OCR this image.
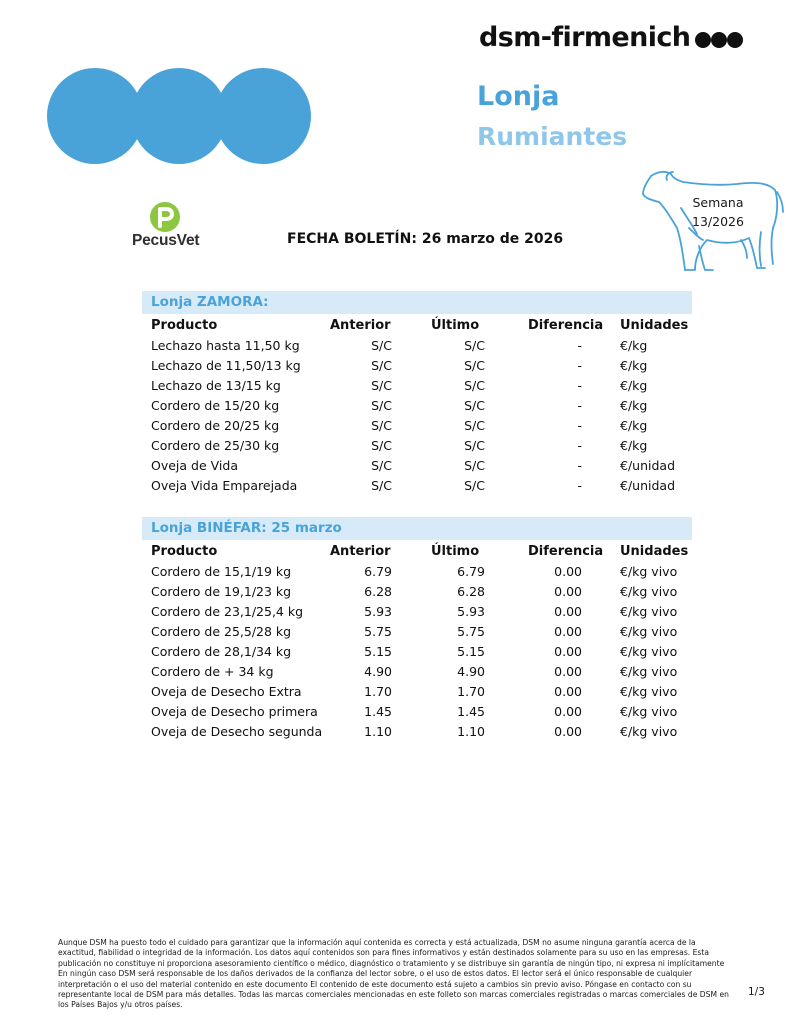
dsm-firmenich
Lonja
Rumiantes
Semana
13/2026
PecusVet	FECHA BOLETÍN: 26 marzo de 2026
Lonja ZAMORA:
Producto	Anterior	Último	Diferencia Unidades
Lechazo hasta 11,50 kg	S/C	S/C	-	€/kg
Lechazo de 11,50/13 kg	S/C	S/C	-	€/kg
Lechazo de 13/15 kg	S/C	S/C	-	€/kg
Cordero de 15/20 kg	S/C	S/C	-	€/kg
Cordero de 20/25 kg	S/C	S/C	-	€/kg
Cordero de 25/30 kg	S/C	S/C	-	€/kg
Oveja de Vida	S/C	S/C	-	€/unidad
Oveja Vida Emparejada	S/C	S/C	-	€/unidad
Lonja BINÉFAR: 25 marzo
Producto	Anterior	Último	Diferencia Unidades
Cordero de 15,1/19 kg	6.79	6.79	0.00	€/kg vivo
Cordero de 19,1/23 kg	6.28	6.28	0.00	€/kg vivo
Cordero de 23,1/25,4 kg	5.93	5.93	0.00	€/kg vivo
Cordero de 25,5/28 kg	5.75	5.75	0.00	€/kg vivo
Cordero de 28,1/34 kg	5.15	5.15	0.00	€/kg vivo
Cordero de + 34 kg	4.90	4.90	0.00	€/kg vivo
Oveja de Desecho Extra	1.70	1.70	0.00	€/kg vivo
Oveja de Desecho primera	1.45	1.45	0.00	€/kg vivo
Oveja de Desecho segunda	1.10	1.10	0.00	€/kg vivo
Aunque DSM ha puesto todo el cuidado para garantizar que la información aquí contenida es correcta y está actualizada, DSM no asume ninguna garantía acerca de la exactitud, fiabilidad o integridad de la información. Los datos aquí contenidos son para fines informativos y están destinados solamente para su uso en las empresas. Esta publicación no constituye ni proporciona asesoramiento científico o médico, diagnóstico o tratamiento y se distribuye sin garantía de ningún tipo, ni expresa ni implícitamente En ningún caso DSM será responsable de los daños derivados de la confianza del lector sobre, o el uso de estos datos. El lector será el único responsable de cualquier interpretación o el uso del material contenido en este documento El contenido de este documento está sujeto a cambios sin previo aviso. Póngase en contacto con su representante local de DSM para más detalles. Todas las marcas comerciales mencionadas en este folleto son marcas comerciales registradas o marcas comerciales de DSM en los Países Bajos y/u otros países.
1/3
